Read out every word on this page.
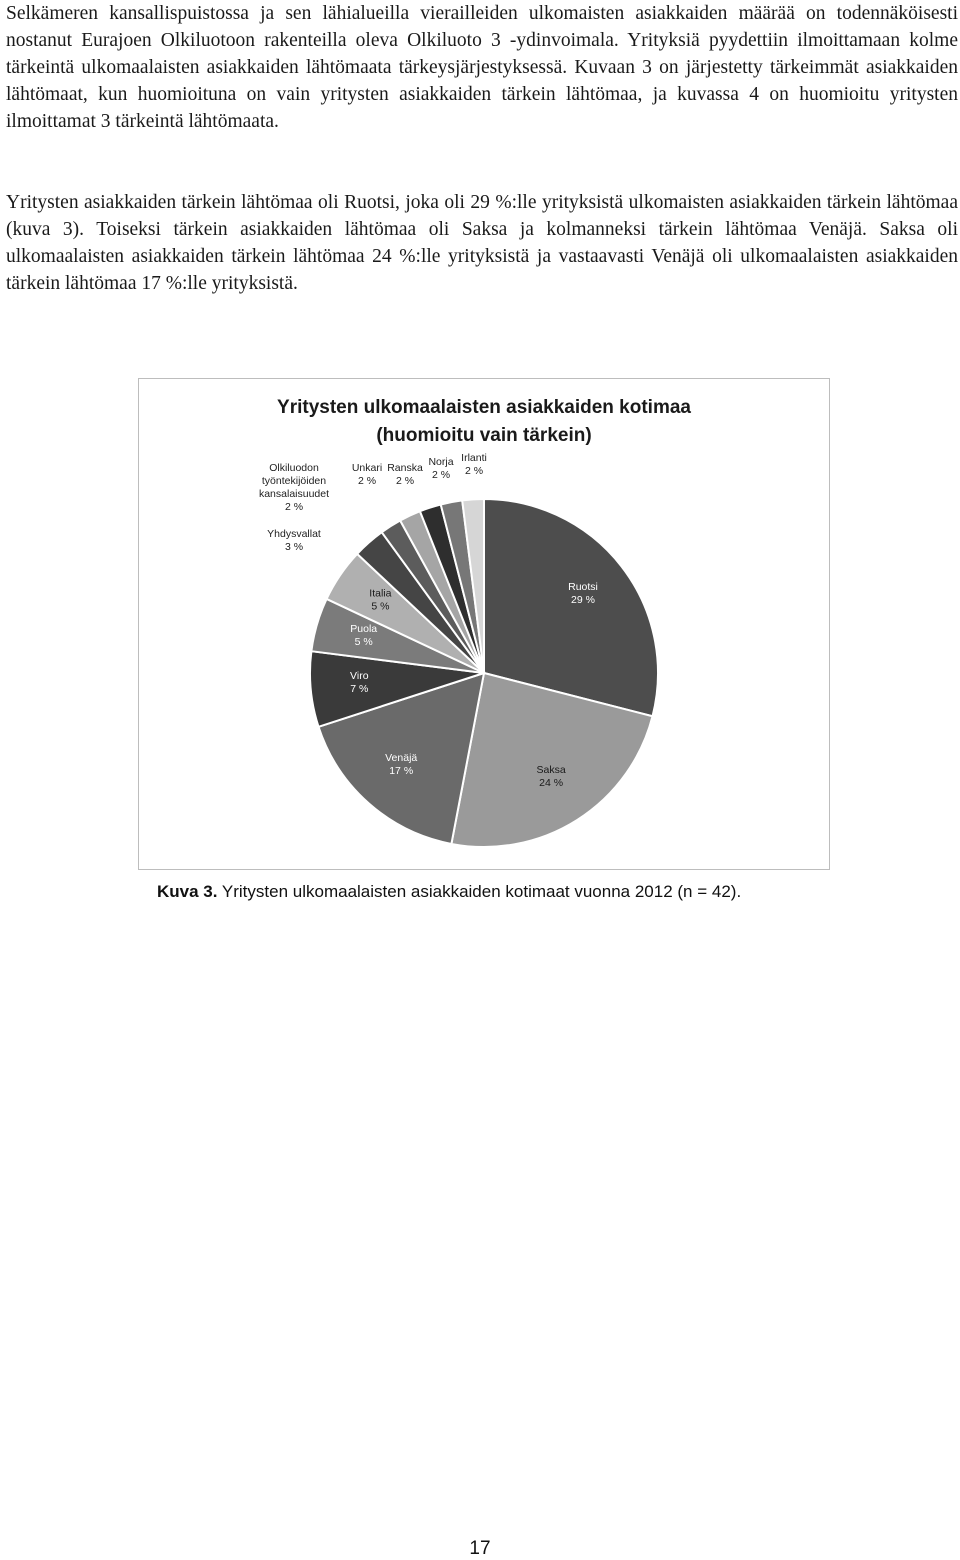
Selkämeren kansallispuistossa ja sen lähialueilla vierailleiden ulkomaisten asiakkaiden määrää on todennäköisesti nostanut Eurajoen Olkiluotoon rakenteilla oleva Olkiluoto 3 -ydinvoimala. Yrityksiä pyydettiin ilmoittamaan kolme tärkeintä ulkomaalaisten asiakkaiden lähtömaata tärkeysjärjestyksessä. Kuvaan 3 on järjestetty tärkeimmät asiakkaiden lähtömaat, kun huomioituna on vain yritysten asiakkaiden tärkein lähtömaa, ja kuvassa 4 on huomioitu yritysten ilmoittamat 3 tärkeintä lähtömaata.

Yritysten asiakkaiden tärkein lähtömaa oli Ruotsi, joka oli 29 %:lle yrityksistä ulkomaisten asiakkaiden tärkein lähtömaa (kuva 3). Toiseksi tärkein asiakkaiden lähtömaa oli Saksa ja kolmanneksi tärkein lähtömaa Venäjä. Saksa oli ulkomaalaisten asiakkaiden tärkein lähtömaa 24 %:lle yrityksistä ja vastaavasti Venäjä oli ulkomaalaisten asiakkaiden tärkein lähtömaa 17 %:lle yrityksistä.

Yritysten ulkomaalaisten asiakkaiden kotimaa
(huomioitu vain tärkein)
Ruotsi 29 %
Saksa 24 %
Venäjä 17 %
Viro 7 %
Puola 5 %
Italia 5 %
Yhdysvallat 3 %
Olkiluodon työntekijöiden kansalaisuudet 2 %
Unkari 2 %
Ranska 2 %
Norja 2 %
Irlanti 2 %

Kuva 3. Yritysten ulkomaalaisten asiakkaiden kotimaat vuonna 2012 (n = 42).

17
